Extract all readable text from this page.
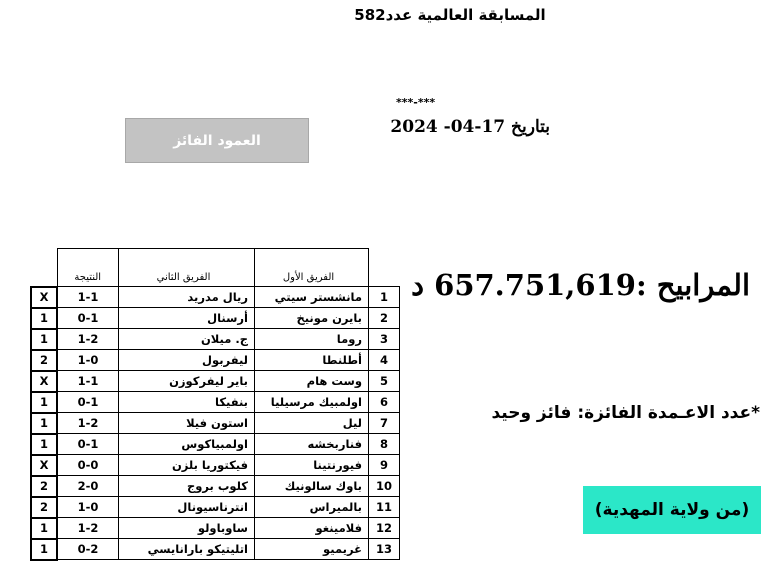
المسابقة العالمية عدد582
***-***
بتاريخ 17-04- 2024
العمود الفائز
	النتيجة	الفريق الثاني	الفريق الأول	
X	1-1	ريال مدريد	مانشستر سيتي	1
1	0-1	أرسنال	بايرن مونيخ	2
1	1-2	ج. ميلان	روما	3
2	1-0	ليفربول	أطلنطا	4
X	1-1	باير ليفركوزن	وست هام	5
1	0-1	بنفيكا	اولمبيك مرسيليا	6
1	1-2	استون فيلا	ليل	7
1	0-1	اولمبياكوس	فناربخشه	8
X	0-0	فيكتوريا بلزن	فيورنتينا	9
2	2-0	كلوب بروج	باوك سالونيك	10
2	1-0	انترناسيونال	بالميراس	11
1	1-2	ساوباولو	فلامينغو	12
1	0-2	اتليتيكو بارانايسي	غريميو	13
المرابيح :657.751,619 د
*عدد الاعـمدة الفائزة: فائز وحيد
(من ولاية المهدية)
